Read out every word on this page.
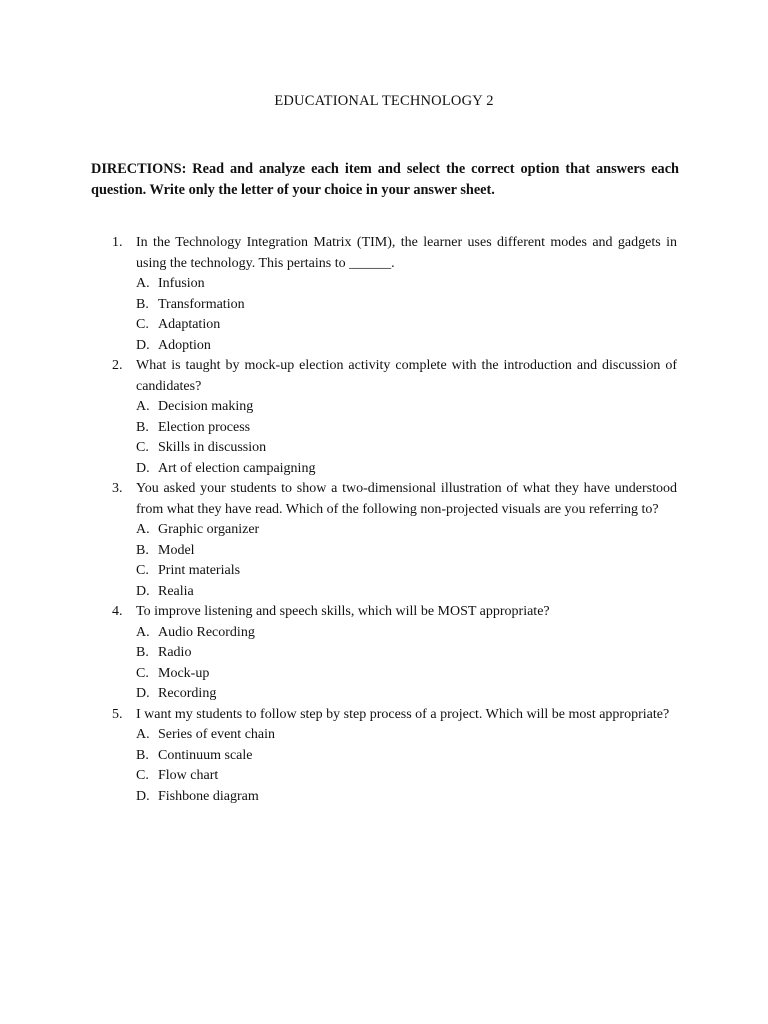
EDUCATIONAL TECHNOLOGY 2
DIRECTIONS: Read and analyze each item and select the correct option that answers each question. Write only the letter of your choice in your answer sheet.
1. In the Technology Integration Matrix (TIM), the learner uses different modes and gadgets in using the technology. This pertains to ______.
A. Infusion
B. Transformation
C. Adaptation
D. Adoption
2. What is taught by mock-up election activity complete with the introduction and discussion of candidates?
A. Decision making
B. Election process
C. Skills in discussion
D. Art of election campaigning
3. You asked your students to show a two-dimensional illustration of what they have understood from what they have read. Which of the following non-projected visuals are you referring to?
A. Graphic organizer
B. Model
C. Print materials
D. Realia
4. To improve listening and speech skills, which will be MOST appropriate?
A. Audio Recording
B. Radio
C. Mock-up
D. Recording
5. I want my students to follow step by step process of a project. Which will be most appropriate?
A. Series of event chain
B. Continuum scale
C. Flow chart
D. Fishbone diagram
